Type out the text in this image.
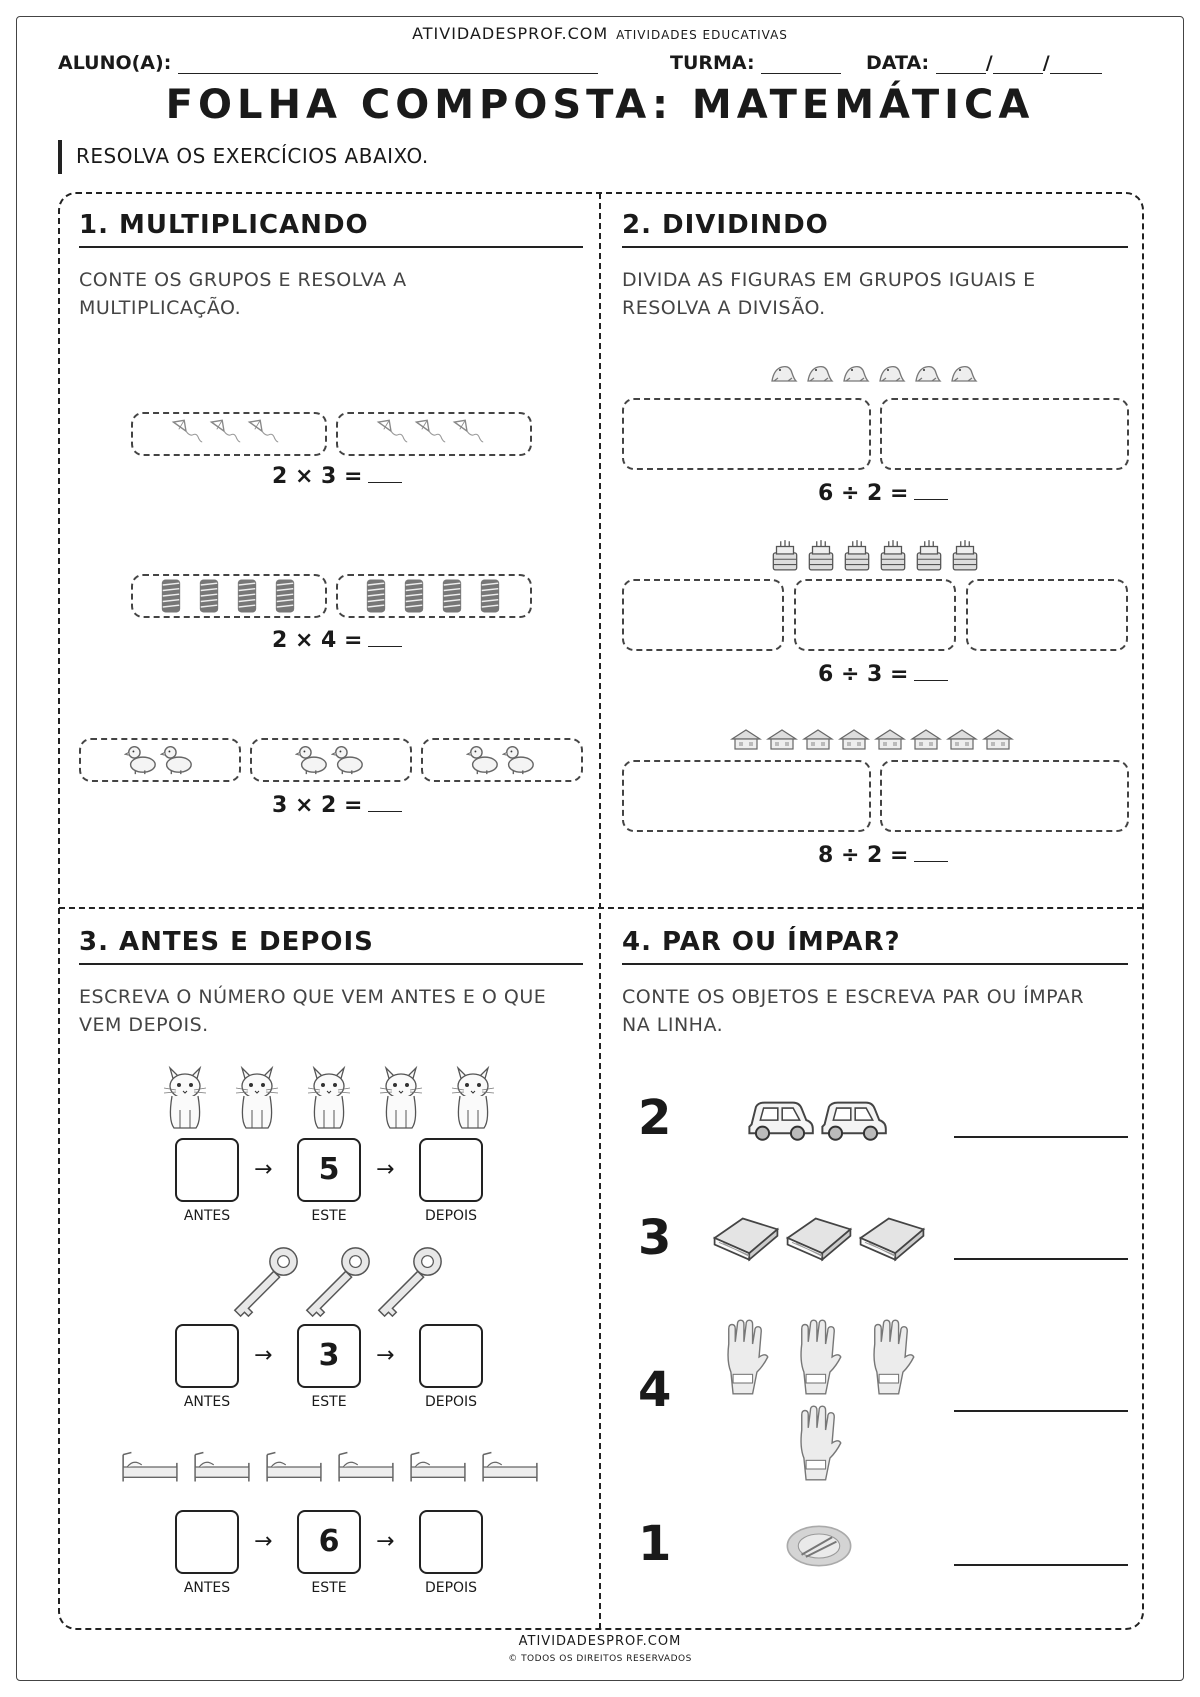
ATIVIDADESPROF.COM ATIVIDADES EDUCATIVAS
ALUNO(A):	TURMA:	DATA:	/	/
FOLHA COMPOSTA: MATEMÁTICA
RESOLVA OS EXERCÍCIOS ABAIXO.
1. MULTIPLICANDO
CONTE OS GRUPOS E RESOLVA A
MULTIPLICAÇÃO.
2 × 3 =
2 × 4 =
3 × 2 =
2. DIVIDINDO
DIVIDA AS FIGURAS EM GRUPOS IGUAIS E
RESOLVA A DIVISÃO.
6 ÷ 2 =
6 ÷ 3 =
8 ÷ 2 =
3. ANTES E DEPOIS
ESCREVA O NÚMERO QUE VEM ANTES E O QUE
VEM DEPOIS.
→	5	→
ANTES	ESTE	DEPOIS
→	3	→
ANTES	ESTE	DEPOIS
→	6	→
ANTES	ESTE	DEPOIS
4. PAR OU ÍMPAR?
CONTE OS OBJETOS E ESCREVA PAR OU ÍMPAR
NA LINHA.
2
3
4
1
ATIVIDADESPROF.COM
© TODOS OS DIREITOS RESERVADOS
